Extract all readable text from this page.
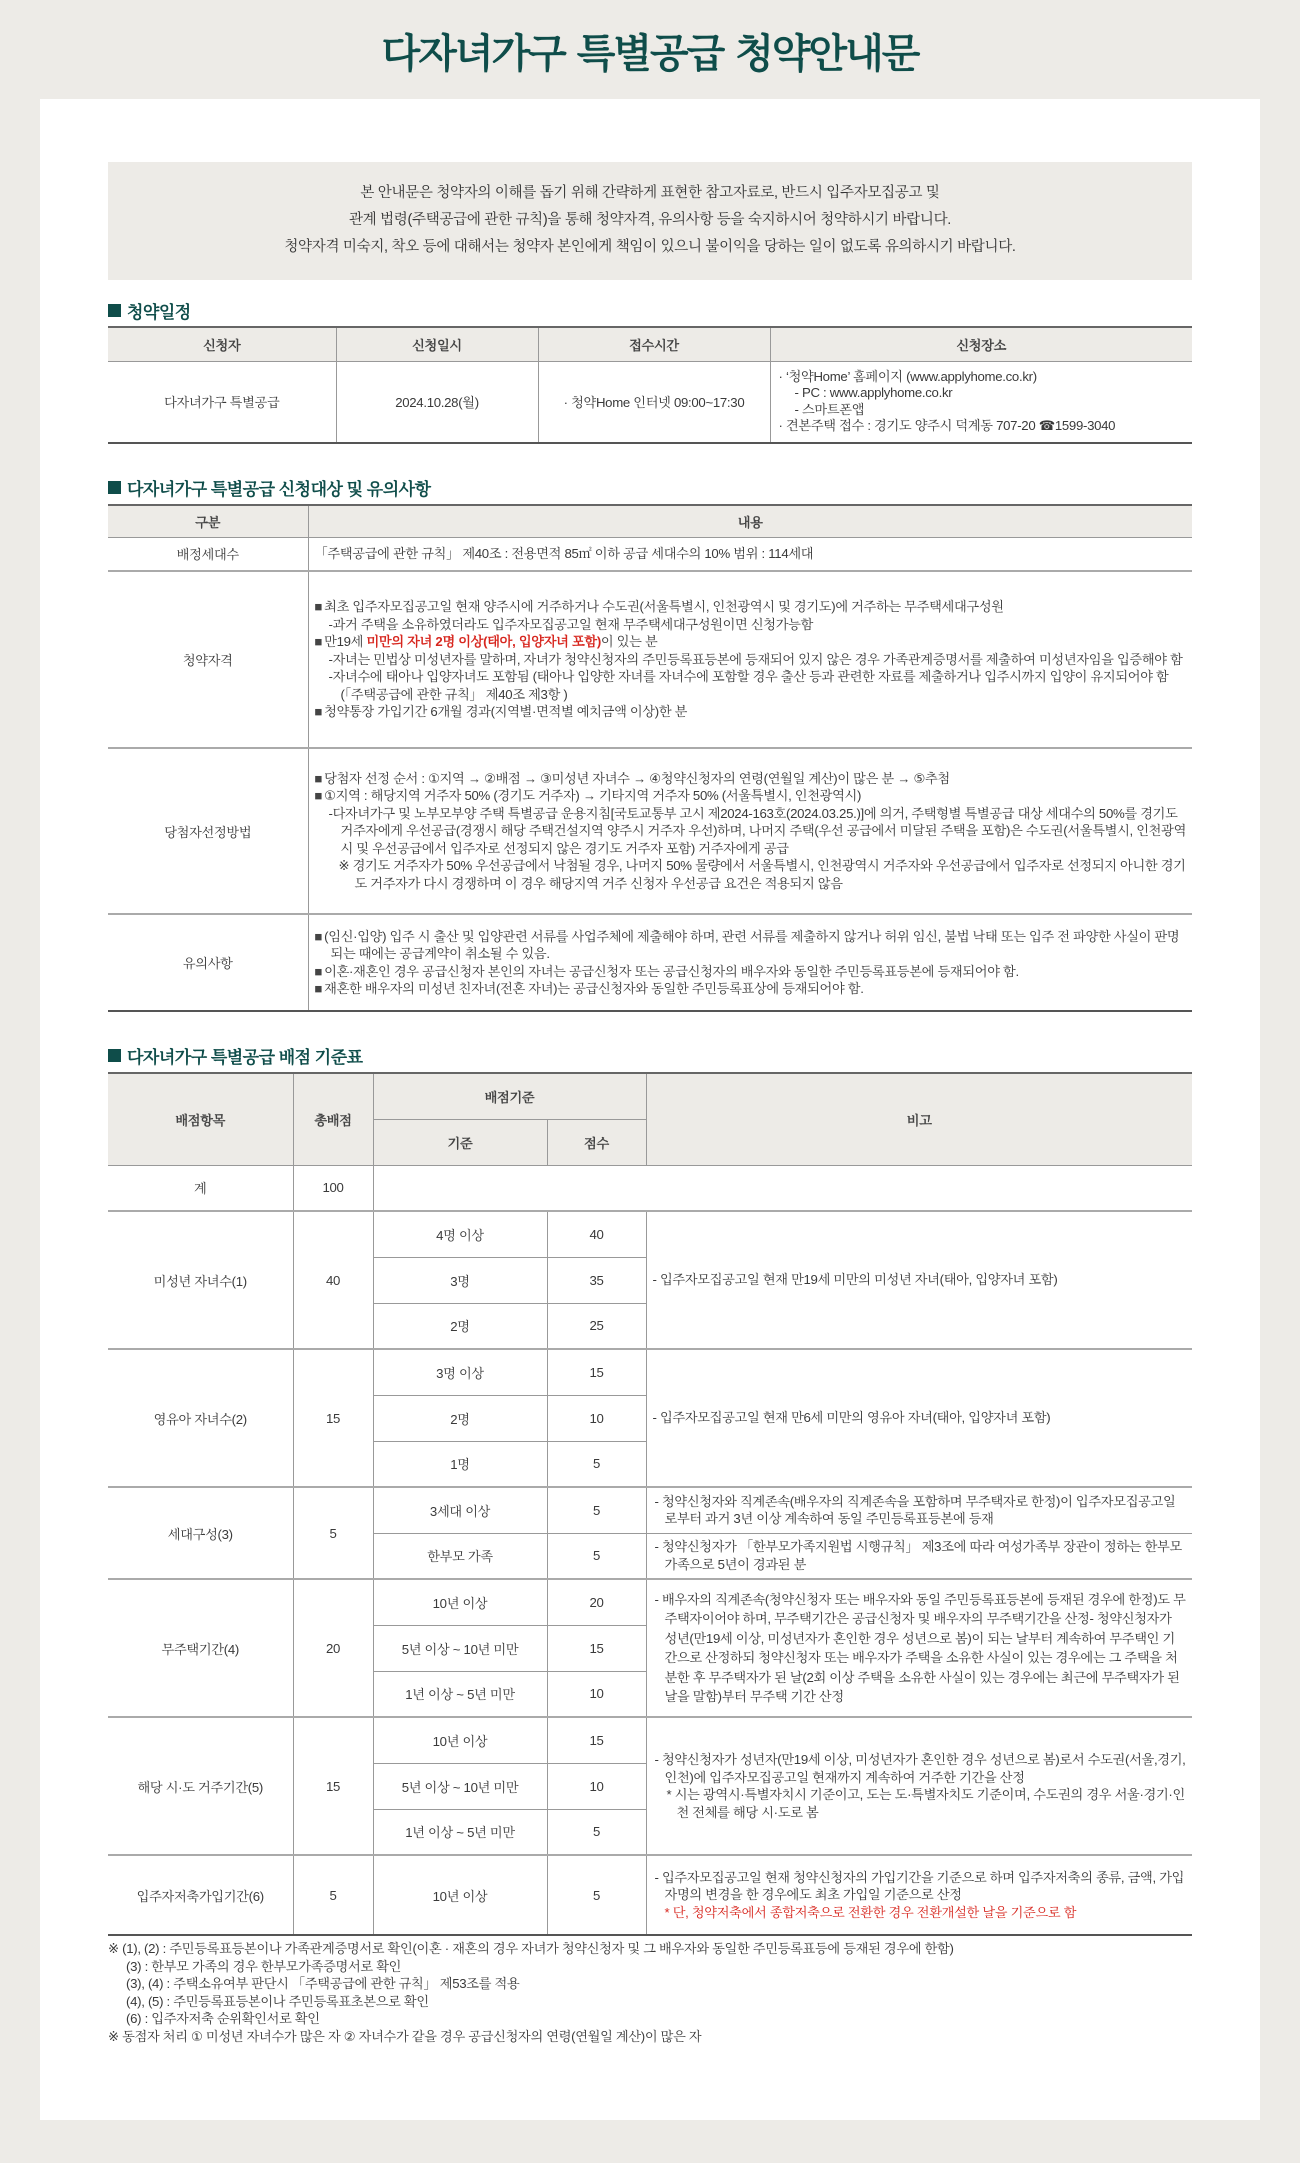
다자녀가구 특별공급 청약안내문
본 안내문은 청약자의 이해를 돕기 위해 간략하게 표현한 참고자료로, 반드시 입주자모집공고 및
관계 법령(주택공급에 관한 규칙)을 통해 청약자격, 유의사항 등을 숙지하시어 청약하시기 바랍니다.
청약자격 미숙지, 착오 등에 대해서는 청약자 본인에게 책임이 있으니 불이익을 당하는 일이 없도록 유의하시기 바랍니다.
청약일정
신청자	신청일시	접수시간	신청장소
다자녀가구 특별공급	2024.10.28(월)	· 청약Home 인터넷 09:00~17:30	· ‘청약Home’ 홈페이지 (www.applyhome.co.kr)
- PC : www.applyhome.co.kr
- 스마트폰앱
· 견본주택 접수 : 경기도 양주시 덕계동 707-20 ☎1599-3040
다자녀가구 특별공급 신청대상 및 유의사항
구분	내용
배정세대수	「주택공급에 관한 규칙」 제40조 : 전용면적 85㎡ 이하 공급 세대수의 10% 범위 : 114세대
청약자격	
■ 최초 입주자모집공고일 현재 양주시에 거주하거나 수도권(서울특별시, 인천광역시 및 경기도)에 거주하는 무주택세대구성원
-과거 주택을 소유하였더라도 입주자모집공고일 현재 무주택세대구성원이면 신청가능함
■ 만19세 미만의 자녀 2명 이상(태아, 입양자녀 포함)이 있는 분
-자녀는 민법상 미성년자를 말하며, 자녀가 청약신청자의 주민등록표등본에 등재되어 있지 않은 경우 가족관계증명서를 제출하여 미성년자임을 입증해야 함
-자녀수에 태아나 입양자녀도 포함됨 (태아나 입양한 자녀를 자녀수에 포함할 경우 출산 등과 관련한 자료를 제출하거나 입주시까지 입양이 유지되어야 함(「주택공급에 관한 규칙」 제40조 제3항 )
■ 청약통장 가입기간 6개월 경과(지역별·면적별 예치금액 이상)한 분

당첨자선정방법	■ 당첨자 선정 순서 : ①지역 → ②배점 → ③미성년 자녀수 → ④청약신청자의 연령(연월일 계산)이 많은 분 → ⑤추첨
■ ①지역 : 해당지역 거주자 50% (경기도 거주자) → 기타지역 거주자 50% (서울특별시, 인천광역시)
-다자녀가구 및 노부모부양 주택 특별공급 운용지침[국토교통부 고시 제2024-163호(2024.03.25.)]에 의거, 주택형별 특별공급 대상 세대수의 50%를 경기도 거주자에게 우선공급(경쟁시 해당 주택건설지역 양주시 거주자 우선)하며, 나머지 주택(우선 공급에서 미달된 주택을 포함)은 수도권(서울특별시, 인천광역시 및 우선공급에서 입주자로 선정되지 않은 경기도 거주자 포함) 거주자에게 공급
※ 경기도 거주자가 50% 우선공급에서 낙첨될 경우, 나머지 50% 물량에서 서울특별시, 인천광역시 거주자와 우선공급에서 입주자로 선정되지 아니한 경기도 거주자가 다시 경쟁하며 이 경우 해당지역 거주 신청자 우선공급 요건은 적용되지 않음

유의사항	■ (임신·입양) 입주 시 출산 및 입양관련 서류를 사업주체에 제출해야 하며, 관련 서류를 제출하지 않거나 허위 임신, 불법 낙태 또는 입주 전 파양한 사실이 판명되는 때에는 공급계약이 취소될 수 있음.
■ 이혼·재혼인 경우 공급신청자 본인의 자녀는 공급신청자 또는 공급신청자의 배우자와 동일한 주민등록표등본에 등재되어야 함.
■ 재혼한 배우자의 미성년 친자녀(전혼 자녀)는 공급신청자와 동일한 주민등록표상에 등재되어야 함.
다자녀가구 특별공급 배점 기준표
배점항목	총배점	배점기준		비고
		기준	점수	
계	100			
미성년 자녀수(1)	40	4명 이상	40	- 입주자모집공고일 현재 만19세 미만의 미성년 자녀(태아, 입양자녀 포함)
		3명	35	
		2명	25	
영유아 자녀수(2)	15	3명 이상	15	- 입주자모집공고일 현재 만6세 미만의 영유아 자녀(태아, 입양자녀 포함)
		2명	10	
		1명	5	
세대구성(3)	5	3세대 이상	5	- 청약신청자와 직계존속(배우자의 직계존속을 포함하며 무주택자로 한정)이 입주자모집공고일로부터 과거 3년 이상 계속하여 동일 주민등록표등본에 등재
		한부모 가족	5	- 청약신청자가 「한부모가족지원법 시행규칙」 제3조에 따라 여성가족부 장관이 정하는 한부모 가족으로 5년이 경과된 분
무주택기간(4)	20	10년 이상	20	- 배우자의 직계존속(청약신청자 또는 배우자와 동일 주민등록표등본에 등재된 경우에 한정)도 무주택자이어야 하며, 무주택기간은 공급신청자 및 배우자의 무주택기간을 산정- 청약신청자가 성년(만19세 이상, 미성년자가 혼인한 경우 성년으로 봄)이 되는 날부터 계속하여 무주택인 기간으로 산정하되 청약신청자 또는 배우자가 주택을 소유한 사실이 있는 경우에는 그 주택을 처분한 후 무주택자가 된 날(2회 이상 주택을 소유한 사실이 있는 경우에는 최근에 무주택자가 된 날을 말함)부터 무주택 기간 산정
		5년 이상 ~ 10년 미만	15	
		1년 이상 ~ 5년 미만	10	
해당 시·도 거주기간(5)	15	10년 이상	15	- 청약신청자가 성년자(만19세 이상, 미성년자가 혼인한 경우 성년으로 봄)로서 수도권(서울,경기,인천)에 입주자모집공고일 현재까지 계속하여 거주한 기간을 산정
* 시는 광역시·특별자치시 기준이고, 도는 도·특별자치도 기준이며, 수도권의 경우 서울·경기·인천 전체를 해당 시·도로 봄

		5년 이상 ~ 10년 미만	10	
		1년 이상 ~ 5년 미만	5	
입주자저축가입기간(6)	5	10년 이상	5	- 입주자모집공고일 현재 청약신청자의 가입기간을 기준으로 하며 입주자저축의 종류, 금액, 가입자명의 변경을 한 경우에도 최초 가입일 기준으로 산정
* 단, 청약저축에서 종합저축으로 전환한 경우 전환개설한 날을 기준으로 함
※ (1), (2) : 주민등록표등본이나 가족관계증명서로 확인(이혼 · 재혼의 경우 자녀가 청약신청자 및 그 배우자와 동일한 주민등록표등에 등재된 경우에 한함)
(3) : 한부모 가족의 경우 한부모가족증명서로 확인
(3), (4) : 주택소유여부 판단시 「주택공급에 관한 규칙」 제53조를 적용
(4), (5) : 주민등록표등본이나 주민등록표초본으로 확인
(6) : 입주자저축 순위확인서로 확인
※ 동점자 처리 ① 미성년 자녀수가 많은 자 ② 자녀수가 같을 경우 공급신청자의 연령(연월일 계산)이 많은 자
